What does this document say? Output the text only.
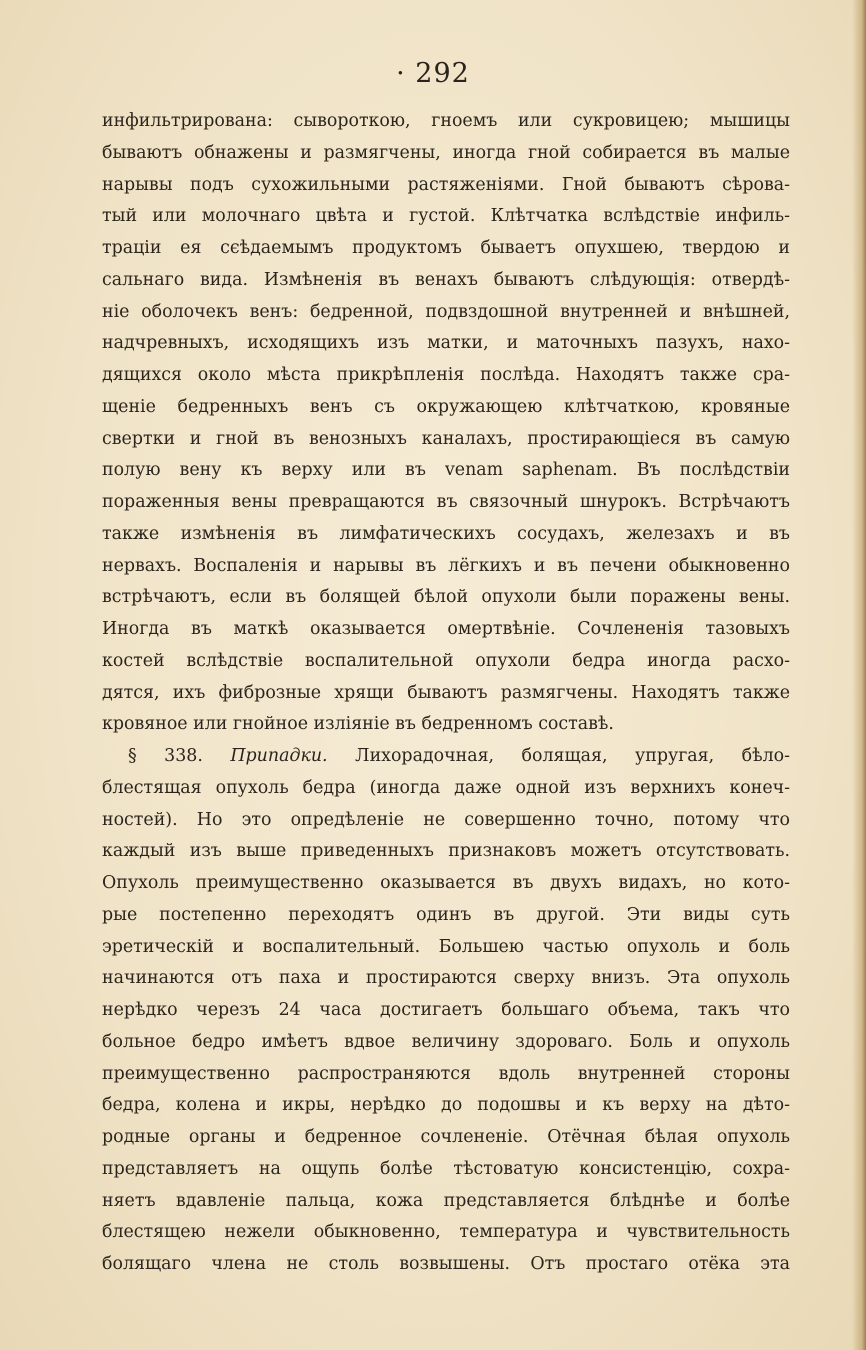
· 292
инфильтрирована: сывороткою, гноемъ или сукровицею; мышицы
бываютъ обнажены и размягчены, иногда гной собирается въ малые
нарывы подъ сухожильными растяженіями. Гной бываютъ сѣрова-
тый или молочнаго цвѣта и густой. Клѣтчатка вслѣдствіе инфиль-
траціи ея сєѣдаемымъ продуктомъ бываетъ опухшею, твердою и
сальнаго вида. Измѣненія въ венахъ бываютъ слѣдующія: отвердѣ-
ніе оболочекъ венъ: бедренной, подвздошной внутренней и внѣшней,
надчревныхъ, исходящихъ изъ матки, и маточныхъ пазухъ, нахо-
дящихся около мѣста прикрѣпленія послѣда. Находятъ также сра-
щеніе бедренныхъ венъ съ окружающею клѣтчаткою, кровяные
свертки и гной въ венозныхъ каналахъ, простирающіеся въ самую
полую вену къ верху или въ venam saphenam. Въ послѣдствіи
пораженныя вены превращаются въ связочный шнурокъ. Встрѣчаютъ
также измѣненія въ лимфатическихъ сосудахъ, железахъ и въ
нервахъ. Воспаленія и нарывы въ лёгкихъ и въ печени обыкновенно
встрѣчаютъ, если въ болящей бѣлой опухоли были поражены вены.
Иногда въ маткѣ оказывается омертвѣніе. Сочлененія тазовыхъ
костей вслѣдствіе воспалительной опухоли бедра иногда расхо-
дятся, ихъ фиброзные хрящи бываютъ размягчены. Находятъ также
кровяное или гнойное изліяніе въ бедренномъ составѣ.
§ 338. Припадки. Лихорадочная, болящая, упругая, бѣло-
блестящая опухоль бедра (иногда даже одной изъ верхнихъ конеч-
ностей). Но это опредѣленіе не совершенно точно, потому что
каждый изъ выше приведенныхъ признаковъ можетъ отсутствовать.
Опухоль преимущественно оказывается въ двухъ видахъ, но кото-
рые постепенно переходятъ одинъ въ другой. Эти виды суть
эретическій и воспалительный. Большею частью опухоль и боль
начинаются отъ паха и простираются сверху внизъ. Эта опухоль
нерѣдко черезъ 24 часа достигаетъ большаго объема, такъ что
больное бедро имѣетъ вдвое величину здороваго. Боль и опухоль
преимущественно распространяются вдоль внутренней стороны
бедра, колена и икры, нерѣдко до подошвы и къ верху на дѣто-
родные органы и бедренное сочлененіе. Отёчная бѣлая опухоль
представляетъ на ощупь болѣе тѣстоватую консистенцію, сохра-
няетъ вдавленіе пальца, кожа представляется блѣднѣе и болѣе
блестящею нежели обыкновенно, температура и чувствительность
болящаго члена не столь возвышены. Отъ простаго отёка эта
